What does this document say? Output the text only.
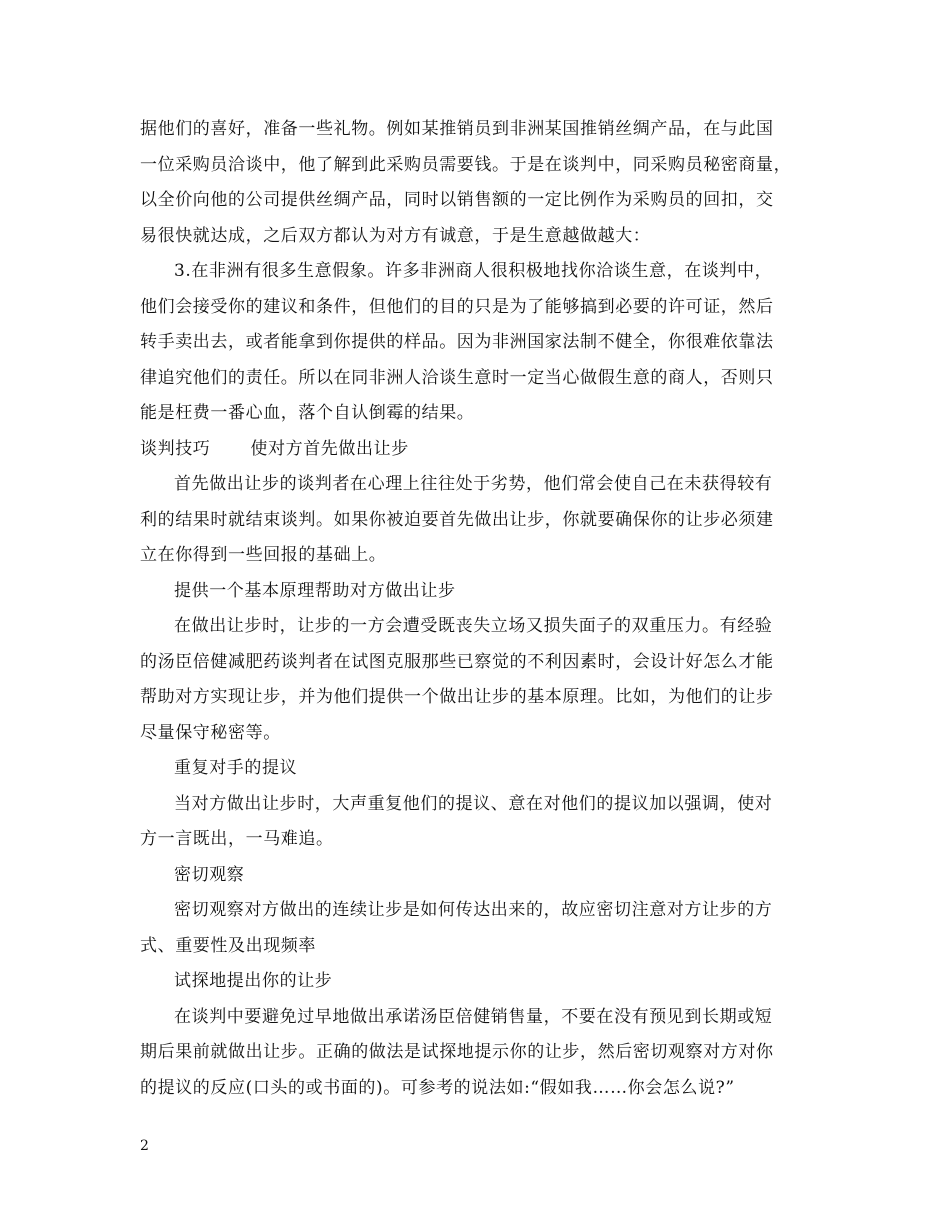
据他们的喜好，准备一些礼物。例如某推销员到非洲某国推销丝绸产品，在与此国
一位采购员洽谈中，他了解到此采购员需要钱。于是在谈判中，同采购员秘密商量，
以全价向他的公司提供丝绸产品，同时以销售额的一定比例作为采购员的回扣，交
易很快就达成，之后双方都认为对方有诚意，于是生意越做越大：
3.在非洲有很多生意假象。许多非洲商人很积极地找你洽谈生意，在谈判中，
他们会接受你的建议和条件，但他们的目的只是为了能够搞到必要的许可证，然后
转手卖出去，或者能拿到你提供的样品。因为非洲国家法制不健全，你很难依靠法
律追究他们的责任。所以在同非洲人洽谈生意时一定当心做假生意的商人，否则只
能是枉费一番心血，落个自认倒霉的结果。
谈判技巧 使对方首先做出让步
首先做出让步的谈判者在心理上往往处于劣势，他们常会使自己在未获得较有
利的结果时就结束谈判。如果你被迫要首先做出让步，你就要确保你的让步必须建
立在你得到一些回报的基础上。
提供一个基本原理帮助对方做出让步
在做出让步时，让步的一方会遭受既丧失立场又损失面子的双重压力。有经验
的汤臣倍健减肥药谈判者在试图克服那些已察觉的不利因素时，会设计好怎么才能
帮助对方实现让步，并为他们提供一个做出让步的基本原理。比如，为他们的让步
尽量保守秘密等。
重复对手的提议
当对方做出让步时，大声重复他们的提议、意在对他们的提议加以强调，使对
方一言既出，一马难追。
密切观察
密切观察对方做出的连续让步是如何传达出来的，故应密切注意对方让步的方
式、重要性及出现频率
试探地提出你的让步
在谈判中要避免过早地做出承诺汤臣倍健销售量，不要在没有预见到长期或短
期后果前就做出让步。正确的做法是试探地提示你的让步，然后密切观察对方对你
的提议的反应(口头的或书面的)。可参考的说法如:“假如我……你会怎么说?”
2
